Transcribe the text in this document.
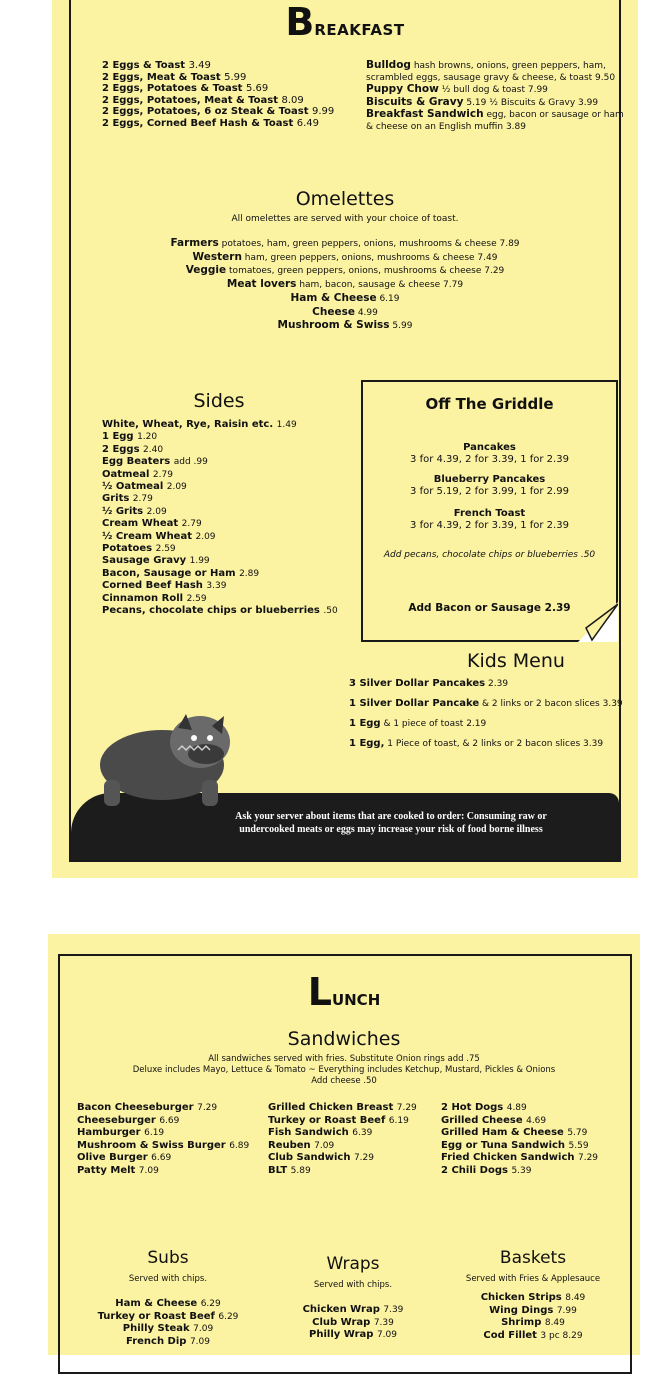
BREAKFAST
2 Eggs & Toast 3.49
2 Eggs, Meat & Toast 5.99
2 Eggs, Potatoes & Toast 5.69
2 Eggs, Potatoes, Meat & Toast 8.09
2 Eggs, Potatoes, 6 oz Steak & Toast 9.99
2 Eggs, Corned Beef Hash & Toast 6.49
Bulldog hash browns, onions, green peppers, ham, scrambled eggs, sausage gravy & cheese, & toast 9.50
Puppy Chow ½ bull dog & toast 7.99
Biscuits & Gravy 5.19 ½ Biscuits & Gravy 3.99
Breakfast Sandwich egg, bacon or sausage or ham & cheese on an English muffin 3.89
Omelettes
All omelettes are served with your choice of toast.
Farmers potatoes, ham, green peppers, onions, mushrooms & cheese 7.89
Western ham, green peppers, onions, mushrooms & cheese 7.49
Veggie tomatoes, green peppers, onions, mushrooms & cheese 7.29
Meat lovers ham, bacon, sausage & cheese 7.79
Ham & Cheese 6.19
Cheese 4.99
Mushroom & Swiss 5.99
Sides
White, Wheat, Rye, Raisin etc. 1.49
1 Egg 1.20
2 Eggs 2.40
Egg Beaters add .99
Oatmeal 2.79
½ Oatmeal 2.09
Grits 2.79
½ Grits 2.09
Cream Wheat 2.79
½ Cream Wheat 2.09
Potatoes 2.59
Sausage Gravy 1.99
Bacon, Sausage or Ham 2.89
Corned Beef Hash 3.39
Cinnamon Roll 2.59
Pecans, chocolate chips or blueberries .50
Off The Griddle
Pancakes
3 for 4.39, 2 for 3.39, 1 for 2.39
Blueberry Pancakes
3 for 5.19, 2 for 3.99, 1 for 2.99
French Toast
3 for 4.39, 2 for 3.39, 1 for 2.39
Add pecans, chocolate chips or blueberries .50
Add Bacon or Sausage 2.39
Kids Menu
3 Silver Dollar Pancakes 2.39
1 Silver Dollar Pancake & 2 links or 2 bacon slices 3.39
1 Egg & 1 piece of toast 2.19
1 Egg, 1 Piece of toast, & 2 links or 2 bacon slices 3.39
Ask your server about items that are cooked to order: Consuming raw or
undercooked meats or eggs may increase your risk of food borne illness
LUNCH
Sandwiches
All sandwiches served with fries. Substitute Onion rings add .75
Deluxe includes Mayo, Lettuce & Tomato ~ Everything includes Ketchup, Mustard, Pickles & Onions
Add cheese .50
Bacon Cheeseburger 7.29
Cheeseburger 6.69
Hamburger 6.19
Mushroom & Swiss Burger 6.89
Olive Burger 6.69
Patty Melt 7.09
Grilled Chicken Breast 7.29
Turkey or Roast Beef 6.19
Fish Sandwich 6.39
Reuben 7.09
Club Sandwich 7.29
BLT 5.89
2 Hot Dogs 4.89
Grilled Cheese 4.69
Grilled Ham & Cheese 5.79
Egg or Tuna Sandwich 5.59
Fried Chicken Sandwich 7.29
2 Chili Dogs 5.39
Subs
Served with chips.
Ham & Cheese 6.29
Turkey or Roast Beef 6.29
Philly Steak 7.09
French Dip 7.09
Wraps
Served with chips.
Chicken Wrap 7.39
Club Wrap 7.39
Philly Wrap 7.09
Baskets
Served with Fries & Applesauce
Chicken Strips 8.49
Wing Dings 7.99
Shrimp 8.49
Cod Fillet 3 pc 8.29
